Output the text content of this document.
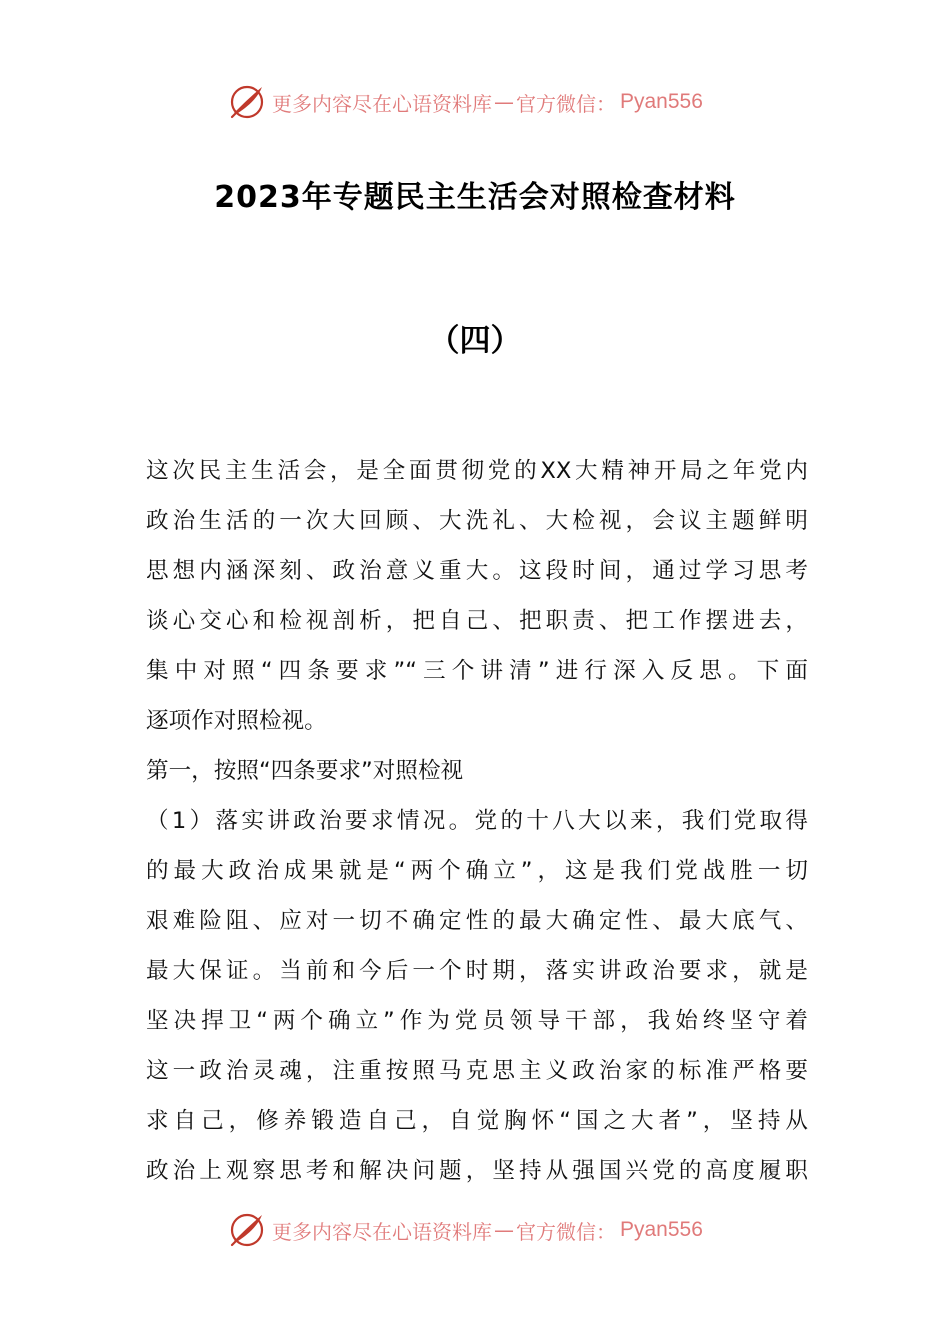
更多内容尽在心语资料库 — 官方微信： Pyan556
2023年专题民主生活会对照检查材料
（四）
这次民主生活会，是全面贯彻党的XX大精神开局之年党内
政治生活的一次大回顾、大洗礼、大检视，会议主题鲜明
思想内涵深刻、政治意义重大。这段时间，通过学习思考
谈心交心和检视剖析，把自己、把职责、把工作摆进去，
集中对照“四条要求”“三个讲清”进行深入反思。下面
逐项作对照检视。
第一，按照“四条要求”对照检视
（1）落实讲政治要求情况。党的十八大以来，我们党取得
的最大政治成果就是“两个确立”，这是我们党战胜一切
艰难险阻、应对一切不确定性的最大确定性、最大底气、
最大保证。当前和今后一个时期，落实讲政治要求，就是
坚决捍卫“两个确立”作为党员领导干部，我始终坚守着
这一政治灵魂，注重按照马克思主义政治家的标准严格要
求自己，修养锻造自己，自觉胸怀“国之大者”，坚持从
政治上观察思考和解决问题，坚持从强国兴党的高度履职
更多内容尽在心语资料库 — 官方微信： Pyan556
